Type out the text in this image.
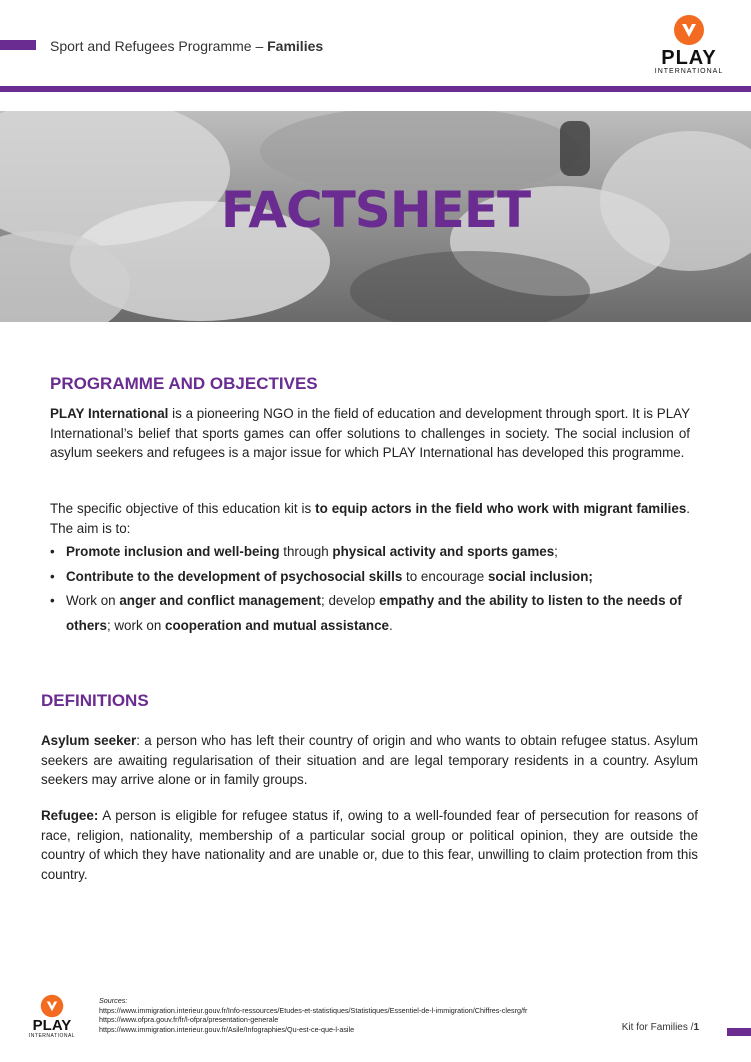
Sport and Refugees Programme – Families
PLAY
INTERNATIONAL
FACTSHEET
PROGRAMME AND OBJECTIVES
PLAY International is a pioneering NGO in the field of education and development through sport. It is PLAY International’s belief that sports games can offer solutions to challenges in society. The social inclusion of asylum seekers and refugees is a major issue for which PLAY International has developed this programme.
The specific objective of this education kit is to equip actors in the field who work with migrant families. The aim is to:
• Promote inclusion and well-being through physical activity and sports games;
• Contribute to the development of psychosocial skills to encourage social inclusion;
• Work on anger and conflict management; develop empathy and the ability to listen to the needs of others; work on cooperation and mutual assistance.
DEFINITIONS
Asylum seeker: a person who has left their country of origin and who wants to obtain refugee status. Asylum seekers are awaiting regularisation of their situation and are legal temporary residents in a country. Asylum seekers may arrive alone or in family groups.
Refugee: A person is eligible for refugee status if, owing to a well-founded fear of persecution for reasons of race, religion, nationality, membership of a particular social group or political opinion, they are outside the country of which they have nationality and are unable or, due to this fear, unwilling to claim protection from this country.
PLAY
INTERNATIONAL
Sources:
https://www.immigration.interieur.gouv.fr/Info-ressources/Etudes-et-statistiques/Statistiques/Essentiel-de-l-immigration/Chiffres-clesrg/fr
https://www.ofpra.gouv.fr/fr/l-ofpra/presentation-generale
https://www.immigration.interieur.gouv.fr/Asile/Infographies/Qu-est-ce-que-l-asile	Kit for Families /1
